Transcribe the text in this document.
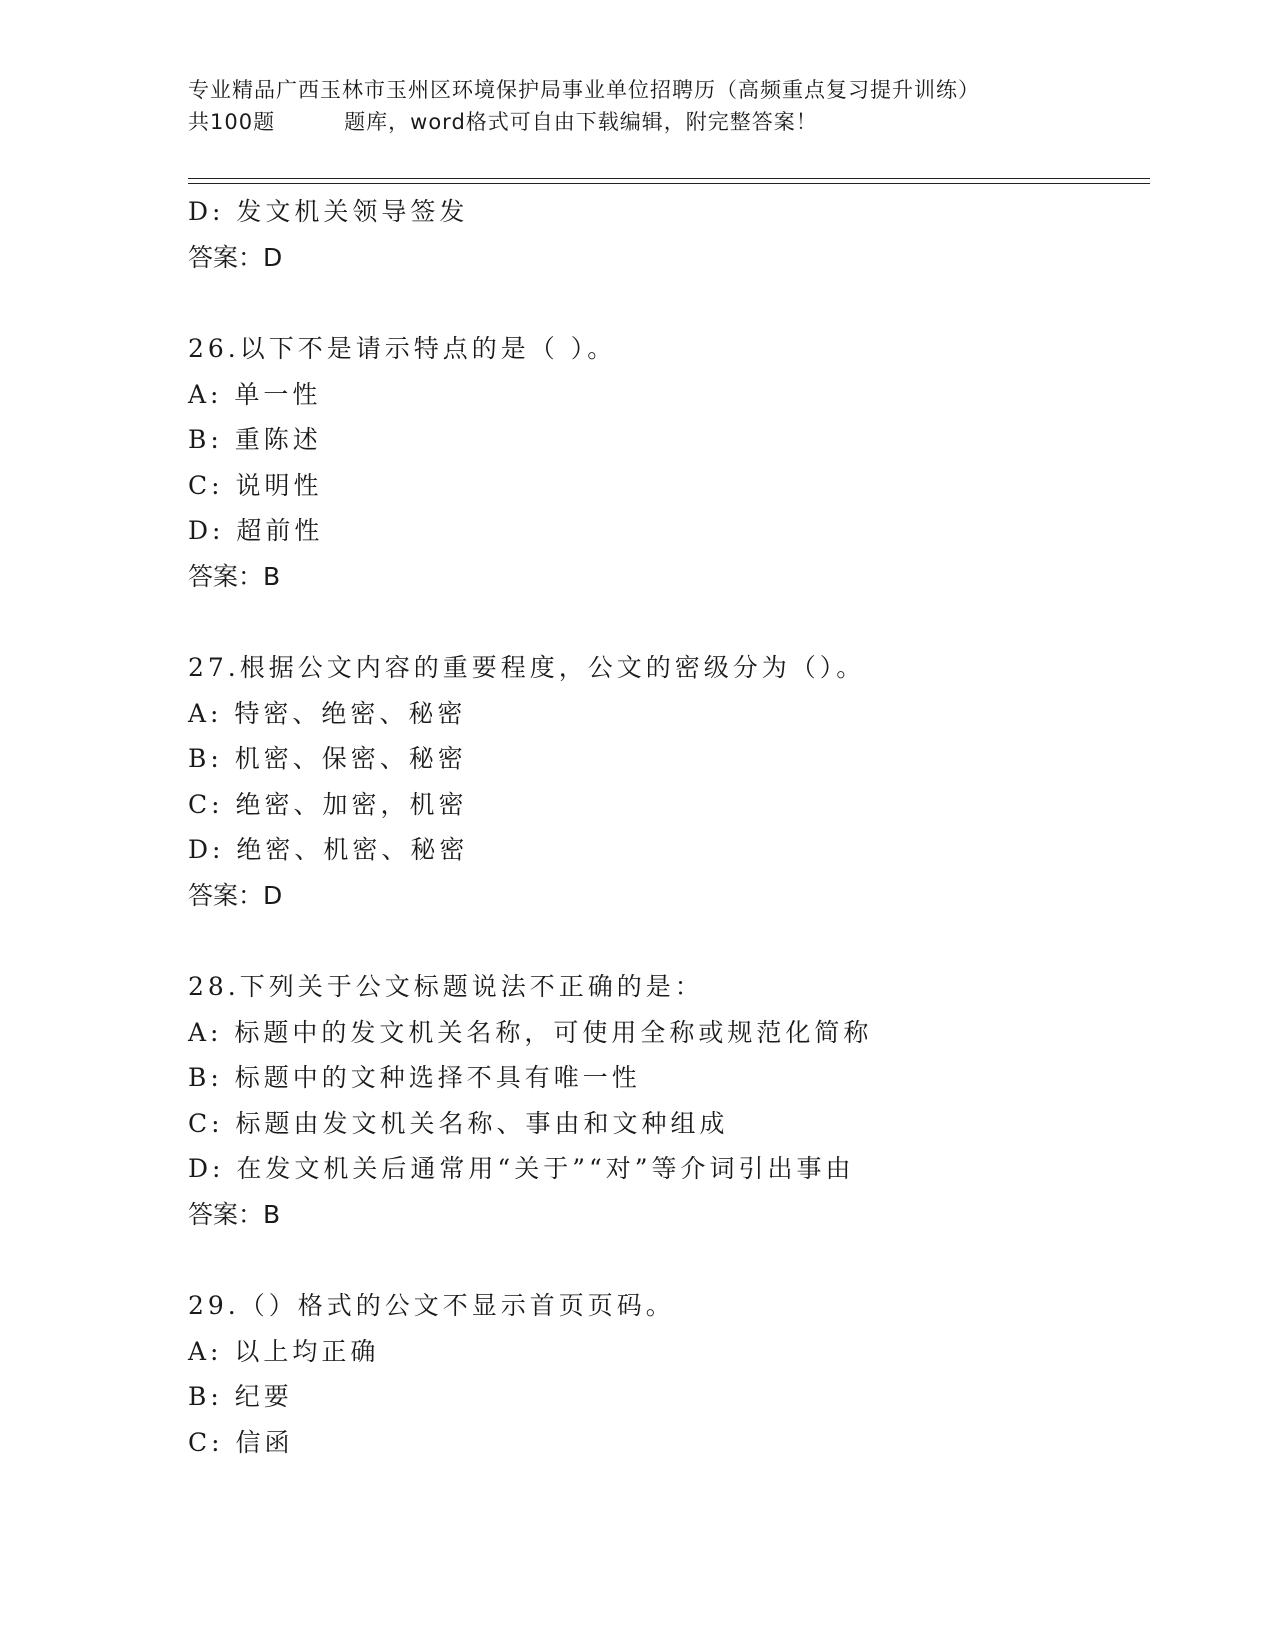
专业精品广西玉林市玉州区环境保护局事业单位招聘历（高频重点复习提升训练）
共100题         题库，word格式可自由下载编辑，附完整答案！
D: 发文机关领导签发
答案：D
26.以下不是请示特点的是（ ）。
A: 单一性
B: 重陈述
C: 说明性
D: 超前性
答案：B
27.根据公文内容的重要程度，公文的密级分为（）。
A: 特密、绝密、秘密
B: 机密、保密、秘密
C: 绝密、加密，机密
D: 绝密、机密、秘密
答案：D
28.下列关于公文标题说法不正确的是：
A: 标题中的发文机关名称，可使用全称或规范化简称
B: 标题中的文种选择不具有唯一性
C: 标题由发文机关名称、事由和文种组成
D: 在发文机关后通常用“关于”“对”等介词引出事由
答案：B
29.（）格式的公文不显示首页页码。
A: 以上均正确
B: 纪要
C: 信函
